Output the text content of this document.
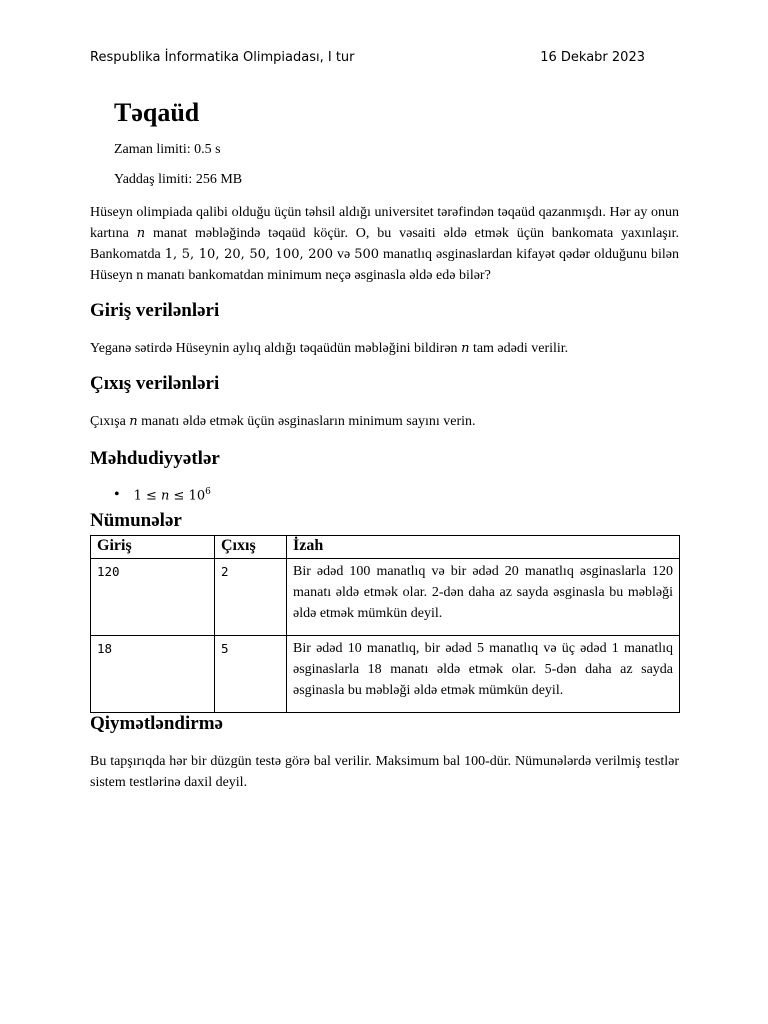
Respublika İnformatika Olimpiadası, I tur	16 Dekabr 2023
Təqaüd
Zaman limiti: 0.5 s
Yaddaş limiti: 256 MB

Hüseyn olimpiada qalibi olduğu üçün təhsil aldığı universitet tərəfindən təqaüd qazanmışdı. Hər ay onun kartına n manat məbləğində təqaüd köçür. O, bu vəsaiti əldə etmək üçün bankomata yaxınlaşır. Bankomatda 1, 5, 10, 20, 50, 100, 200 və 500 manatlıq əsginaslardan kifayət qədər olduğunu bilən Hüseyn n manatı bankomatdan minimum neçə əsginasla əldə edə bilər?

Giriş verilənləri

Yeganə sətirdə Hüseynin aylıq aldığı təqaüdün məbləğini bildirən n tam ədədi verilir.

Çıxış verilənləri

Çıxışa n manatı əldə etmək üçün əsginasların minimum sayını verin.

Məhdudiyyətlər
• $1 \le n \le 10^6$
Nümunələr
Giriş	Çıxış	İzah
120	2	Bir ədəd 100 manatlıq və bir ədəd 20 manatlıq əsginaslarla 120 manatı əldə etmək olar. 2-dən daha az sayda əsginasla bu məbləği əldə etmək mümkün deyil.
18	5	Bir ədəd 10 manatlıq, bir ədəd 5 manatlıq və üç ədəd 1 manatlıq əsginaslarla 18 manatı əldə etmək olar. 5-dən daha az sayda əsginasla bu məbləği əldə etmək mümkün deyil.
Qiymətləndirmə

Bu tapşırıqda hər bir düzgün testə görə bal verilir. Maksimum bal 100-dür. Nümunələrdə verilmiş testlər sistem testlərinə daxil deyil.
